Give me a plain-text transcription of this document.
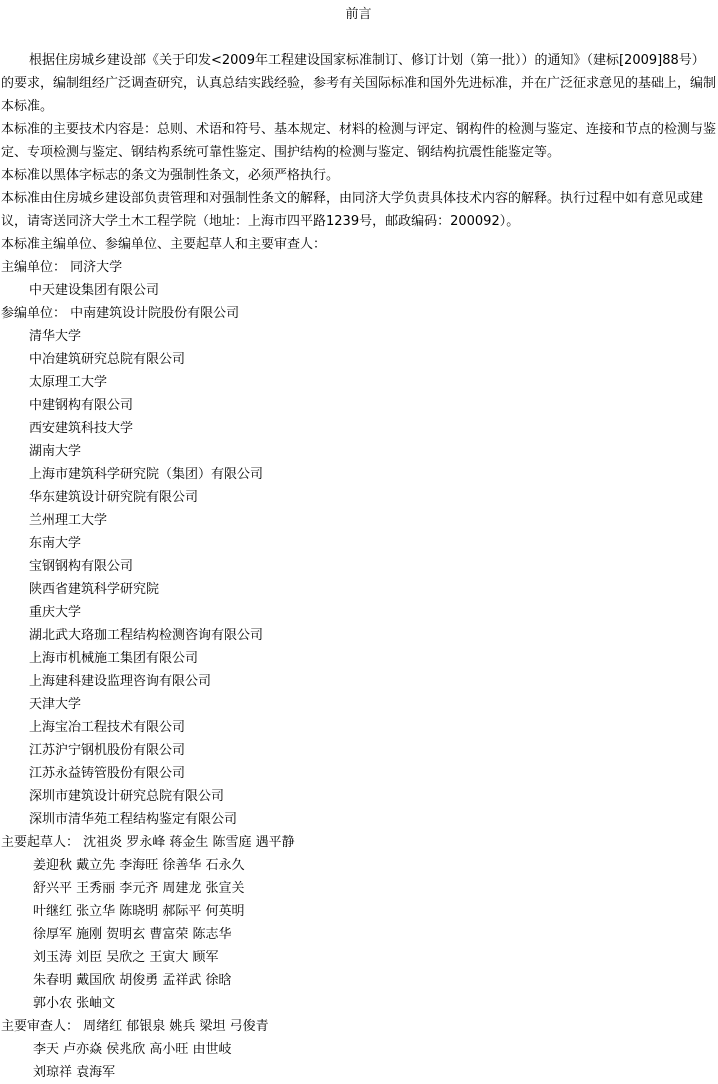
前言

根据住房城乡建设部《关于印发<2009年工程建设国家标准制订、修订计划（第一批））的通知》（建标[2009]88号）的要求，编制组经广泛调查研究，认真总结实践经验，参考有关国际标准和国外先进标准，并在广泛征求意见的基础上，编制本标准。

本标准的主要技术内容是：总则、术语和符号、基本规定、材料的检测与评定、钢构件的检测与鉴定、连接和节点的检测与鉴定、专项检测与鉴定、钢结构系统可靠性鉴定、围护结构的检测与鉴定、钢结构抗震性能鉴定等。

本标准以黑体字标志的条文为强制性条文，必须严格执行。

本标准由住房城乡建设部负责管理和对强制性条文的解释，由同济大学负责具体技术内容的解释。执行过程中如有意见或建议，请寄送同济大学土木工程学院（地址：上海市四平路1239号，邮政编码：200092）。

本标准主编单位、参编单位、主要起草人和主要审查人：

主编单位： 同济大学
中天建设集团有限公司
参编单位： 中南建筑设计院股份有限公司
清华大学
中冶建筑研究总院有限公司
太原理工大学
中建钢构有限公司
西安建筑科技大学
湖南大学
上海市建筑科学研究院（集团）有限公司
华东建筑设计研究院有限公司
兰州理工大学
东南大学
宝钢钢构有限公司
陕西省建筑科学研究院
重庆大学
湖北武大珞珈工程结构检测咨询有限公司
上海市机械施工集团有限公司
上海建科建设监理咨询有限公司
天津大学
上海宝冶工程技术有限公司
江苏沪宁钢机股份有限公司
江苏永益铸管股份有限公司
深圳市建筑设计研究总院有限公司
深圳市清华苑工程结构鉴定有限公司
主要起草人： 沈祖炎 罗永峰 蒋金生 陈雪庭 遇平静
姜迎秋 戴立先 李海旺 徐善华 石永久
舒兴平 王秀丽 李元齐 周建龙 张宣关
叶继红 张立华 陈晓明 郝际平 何英明
徐厚军 施刚 贺明玄 曹富荣 陈志华
刘玉涛 刘臣 吴欣之 王寅大 顾军
朱春明 戴国欣 胡俊勇 孟祥武 徐晗
郭小农 张岫文
主要审查人： 周绪红 郁银泉 姚兵 梁坦 弓俊青
李天 卢亦焱 侯兆欣 高小旺 由世岐
刘琼祥 袁海军
